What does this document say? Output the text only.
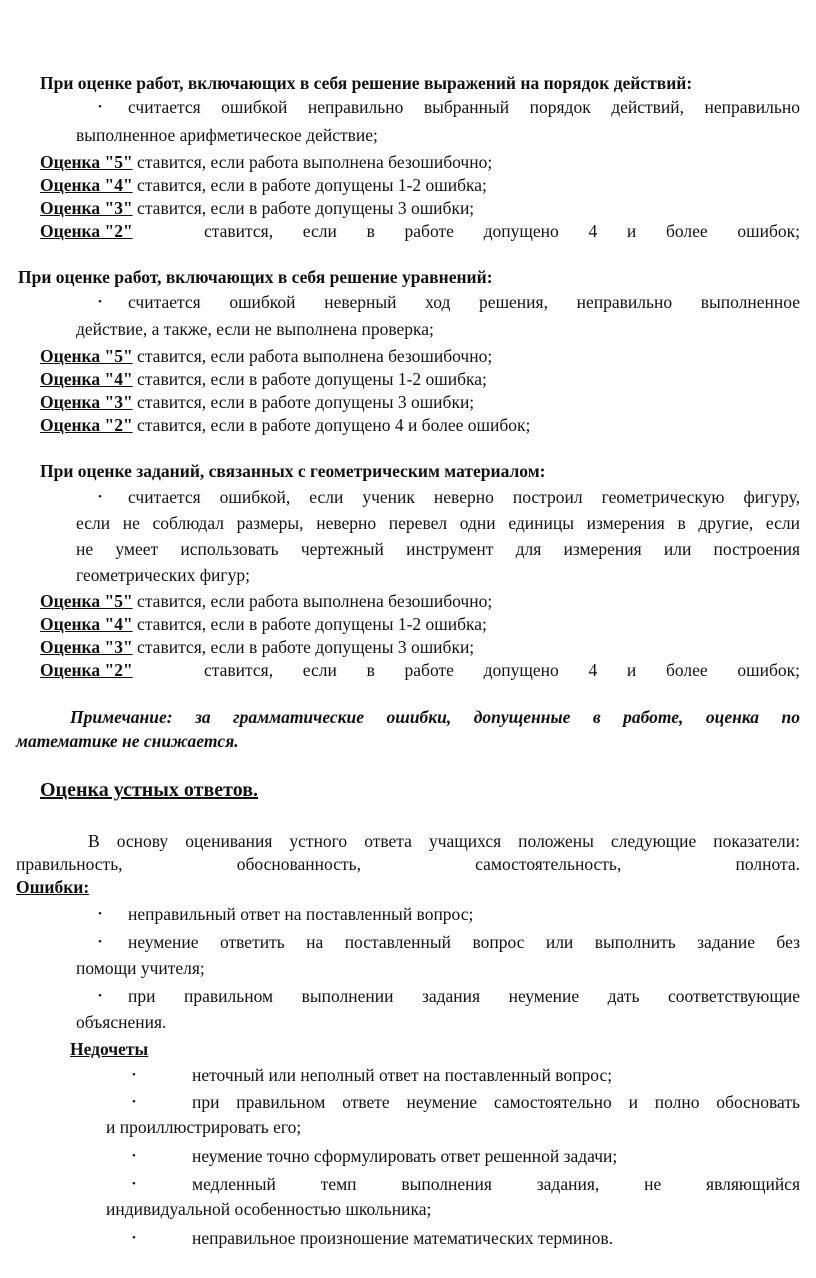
При оценке работ, включающих в себя решение выражений на порядок действий:
• считается ошибкой неправильно выбранный порядок действий, неправильно
выполненное арифметическое действие;
Оценка "5" ставится, если работа выполнена безошибочно;
Оценка "4" ставится, если в работе допущены 1-2 ошибка;
Оценка "3" ставится, если в работе допущены 3 ошибки;
Оценка "2"	ставится, если в работе допущено 4 и более ошибок;
При оценке работ, включающих в себя решение уравнений:
• считается ошибкой неверный ход решения, неправильно выполненное
действие, а также, если не выполнена проверка;
Оценка "5" ставится, если работа выполнена безошибочно;
Оценка "4" ставится, если в работе допущены 1-2 ошибка;
Оценка "3" ставится, если в работе допущены 3 ошибки;
Оценка "2" ставится, если в работе допущено 4 и более ошибок;
При оценке заданий, связанных с геометрическим материалом:
• считается ошибкой, если ученик неверно построил геометрическую фигуру,
если не соблюдал размеры, неверно перевел одни единицы измерения в другие, если
не умеет использовать чертежный инструмент для измерения или построения
геометрических фигур;
Оценка "5" ставится, если работа выполнена безошибочно;
Оценка "4" ставится, если в работе допущены 1-2 ошибка;
Оценка "3" ставится, если в работе допущены 3 ошибки;
Оценка "2"	ставится, если в работе допущено 4 и более ошибок;
Примечание: за грамматические ошибки, допущенные в работе, оценка по
математике не снижается.
Оценка устных ответов.
В основу оценивания устного ответа учащихся положены следующие показатели:
правильность, обоснованность, самостоятельность, полнота.
Ошибки:
• неправильный ответ на поставленный вопрос;
• неумение ответить на поставленный вопрос или выполнить задание без
помощи учителя;
• при правильном выполнении задания неумение дать соответствующие
объяснения.
Недочеты
•	неточный или неполный ответ на поставленный вопрос;
•	при правильном ответе неумение самостоятельно и полно обосновать
и проиллюстрировать его;
•	неумение точно сформулировать ответ решенной задачи;
•	медленный темп выполнения задания, не являющийся
индивидуальной особенностью школьника;
•	неправильное произношение математических терминов.
